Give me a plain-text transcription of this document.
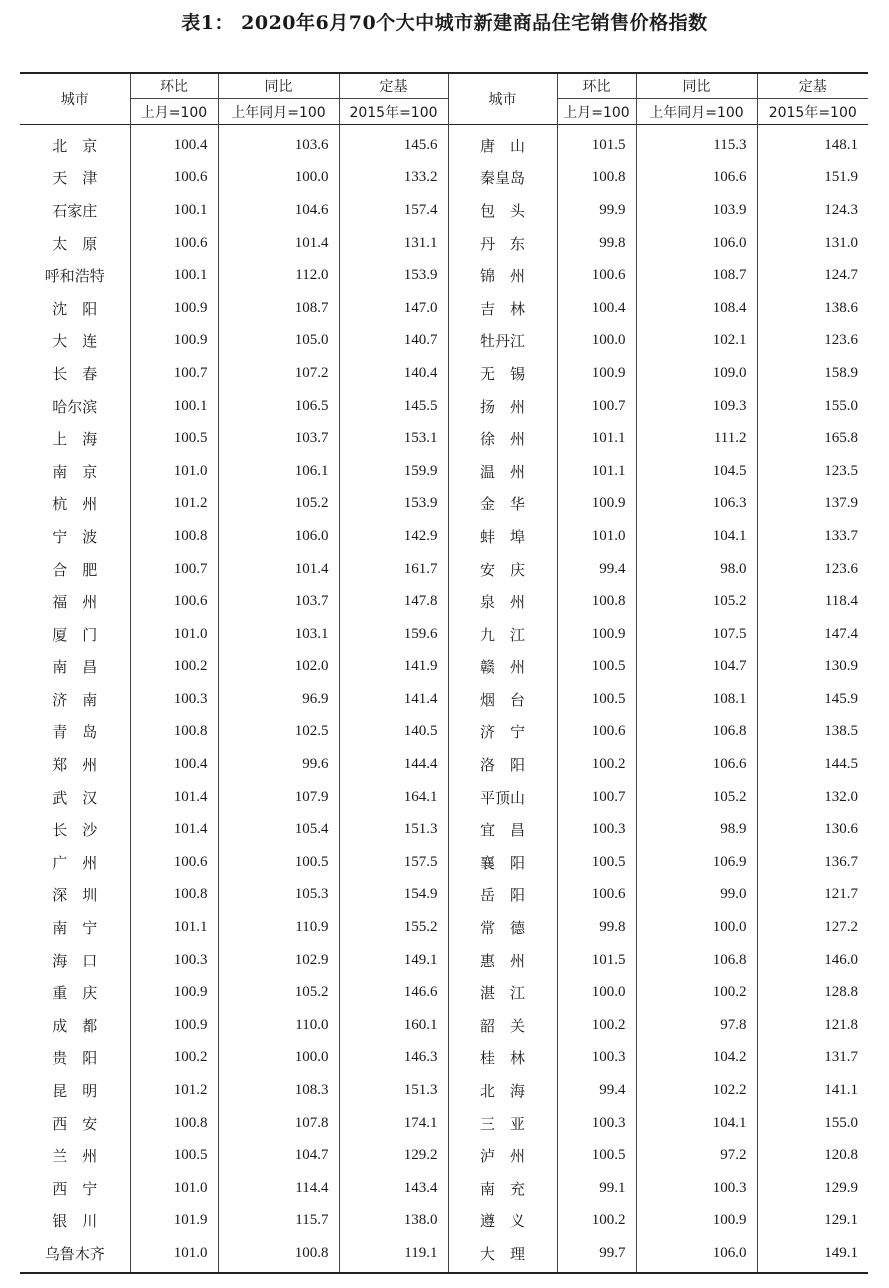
表1： 2020年6月70个大中城市新建商品住宅销售价格指数
城市	环比	同比	定基	城市	环比	同比	定基
	上月=100	上年同月=100	2015年=100		上月=100	上年同月=100	2015年=100
北　京	100.4	103.6	145.6	唐　山	101.5	115.3	148.1
天　津	100.6	100.0	133.2	秦皇岛	100.8	106.6	151.9
石家庄	100.1	104.6	157.4	包　头	99.9	103.9	124.3
太　原	100.6	101.4	131.1	丹　东	99.8	106.0	131.0
呼和浩特	100.1	112.0	153.9	锦　州	100.6	108.7	124.7
沈　阳	100.9	108.7	147.0	吉　林	100.4	108.4	138.6
大　连	100.9	105.0	140.7	牡丹江	100.0	102.1	123.6
长　春	100.7	107.2	140.4	无　锡	100.9	109.0	158.9
哈尔滨	100.1	106.5	145.5	扬　州	100.7	109.3	155.0
上　海	100.5	103.7	153.1	徐　州	101.1	111.2	165.8
南　京	101.0	106.1	159.9	温　州	101.1	104.5	123.5
杭　州	101.2	105.2	153.9	金　华	100.9	106.3	137.9
宁　波	100.8	106.0	142.9	蚌　埠	101.0	104.1	133.7
合　肥	100.7	101.4	161.7	安　庆	99.4	98.0	123.6
福　州	100.6	103.7	147.8	泉　州	100.8	105.2	118.4
厦　门	101.0	103.1	159.6	九　江	100.9	107.5	147.4
南　昌	100.2	102.0	141.9	赣　州	100.5	104.7	130.9
济　南	100.3	96.9	141.4	烟　台	100.5	108.1	145.9
青　岛	100.8	102.5	140.5	济　宁	100.6	106.8	138.5
郑　州	100.4	99.6	144.4	洛　阳	100.2	106.6	144.5
武　汉	101.4	107.9	164.1	平顶山	100.7	105.2	132.0
长　沙	101.4	105.4	151.3	宜　昌	100.3	98.9	130.6
广　州	100.6	100.5	157.5	襄　阳	100.5	106.9	136.7
深　圳	100.8	105.3	154.9	岳　阳	100.6	99.0	121.7
南　宁	101.1	110.9	155.2	常　德	99.8	100.0	127.2
海　口	100.3	102.9	149.1	惠　州	101.5	106.8	146.0
重　庆	100.9	105.2	146.6	湛　江	100.0	100.2	128.8
成　都	100.9	110.0	160.1	韶　关	100.2	97.8	121.8
贵　阳	100.2	100.0	146.3	桂　林	100.3	104.2	131.7
昆　明	101.2	108.3	151.3	北　海	99.4	102.2	141.1
西　安	100.8	107.8	174.1	三　亚	100.3	104.1	155.0
兰　州	100.5	104.7	129.2	泸　州	100.5	97.2	120.8
西　宁	101.0	114.4	143.4	南　充	99.1	100.3	129.9
银　川	101.9	115.7	138.0	遵　义	100.2	100.9	129.1
乌鲁木齐	101.0	100.8	119.1	大　理	99.7	106.0	149.1
